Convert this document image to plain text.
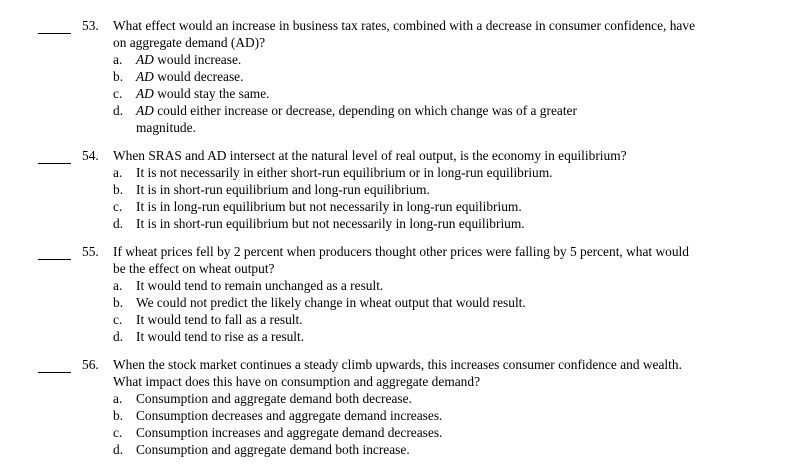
53. What effect would an increase in business tax rates, combined with a decrease in consumer confidence, have
on aggregate demand (AD)?
a. AD would increase.
b. AD would decrease.
c. AD would stay the same.
d. AD could either increase or decrease, depending on which change was of a greater
magnitude.
54. When SRAS and AD intersect at the natural level of real output, is the economy in equilibrium?
a. It is not necessarily in either short-run equilibrium or in long-run equilibrium.
b. It is in short-run equilibrium and long-run equilibrium.
c. It is in long-run equilibrium but not necessarily in long-run equilibrium.
d. It is in short-run equilibrium but not necessarily in long-run equilibrium.
55. If wheat prices fell by 2 percent when producers thought other prices were falling by 5 percent, what would
be the effect on wheat output?
a. It would tend to remain unchanged as a result.
b. We could not predict the likely change in wheat output that would result.
c. It would tend to fall as a result.
d. It would tend to rise as a result.
56. When the stock market continues a steady climb upwards, this increases consumer confidence and wealth.
What impact does this have on consumption and aggregate demand?
a. Consumption and aggregate demand both decrease.
b. Consumption decreases and aggregate demand increases.
c. Consumption increases and aggregate demand decreases.
d. Consumption and aggregate demand both increase.
